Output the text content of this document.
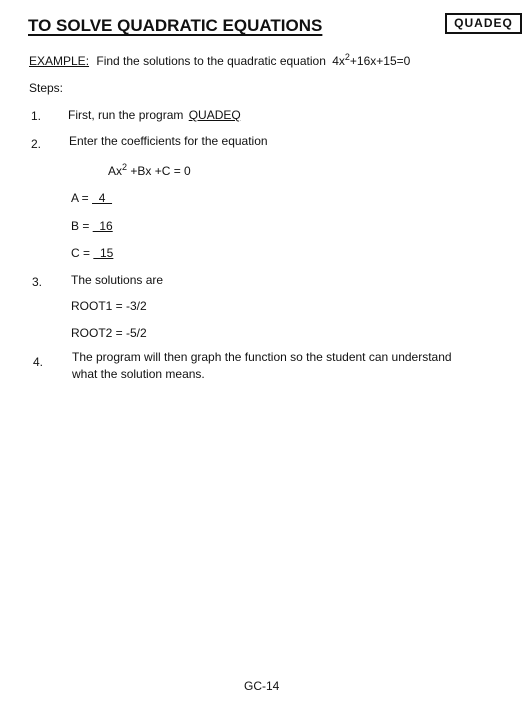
TO SOLVE QUADRATIC EQUATIONS	QUADEQ
EXAMPLE: Find the solutions to the quadratic equation $4x^2+16x+15=0$
Steps:
1. First, run the program QUADEQ
2. Enter the coefficients for the equation
$Ax^2 +Bx +C = 0$
A =   4
B =   16
C =   15
3. The solutions are
ROOT1 = -3/2
ROOT2 = -5/2
4. The program will then graph the function so the student can understand
what the solution means.
GC-14
